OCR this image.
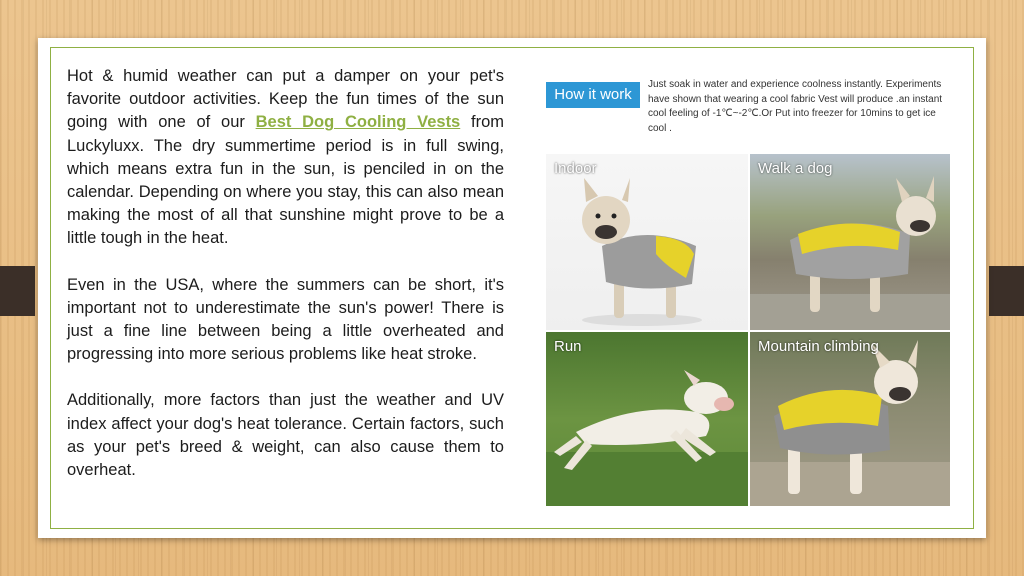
Hot & humid weather can put a damper on your pet's favorite outdoor activities. Keep the fun times of the sun going with one of our Best Dog Cooling Vests from Luckyluxx. The dry summertime period is in full swing, which means extra fun in the sun, is penciled in on the calendar. Depending on where you stay, this can also mean making the most of all that sunshine might prove to be a little tough in the heat.

Even in the USA, where the summers can be short, it's important not to underestimate the sun's power! There is just a fine line between being a little overheated and progressing into more serious problems like heat stroke.

Additionally, more factors than just the weather and UV index affect your dog's heat tolerance. Certain factors, such as your pet's breed & weight, can also cause them to overheat.

How it work
Just soak in water and experience coolness instantly. Experiments have shown that wearing a cool fabric Vest will produce .an instant cool feeling of -1℃~-2℃.Or Put into freezer for 10mins to get ice cool .
Indoor	Walk a dog
Run	Mountain climbing
